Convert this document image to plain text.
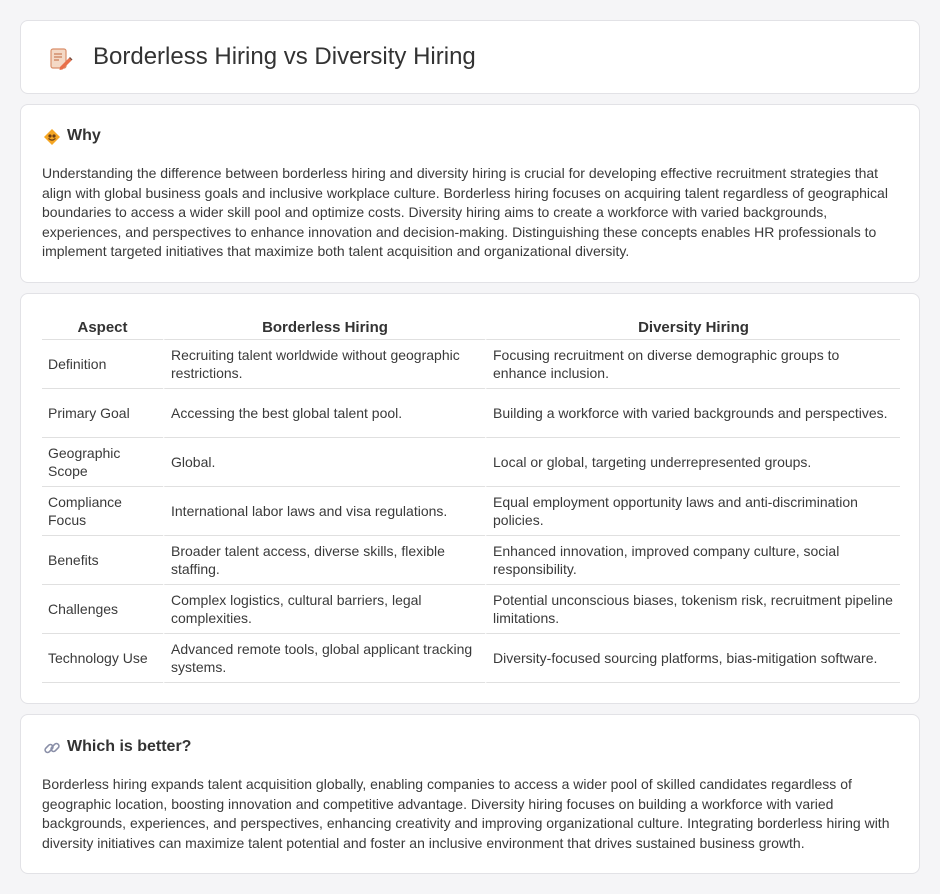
Borderless Hiring vs Diversity Hiring
Why

Understanding the difference between borderless hiring and diversity hiring is crucial for developing effective recruitment strategies that align with global business goals and inclusive workplace culture. Borderless hiring focuses on acquiring talent regardless of geographical boundaries to access a wider skill pool and optimize costs. Diversity hiring aims to create a workforce with varied backgrounds, experiences, and perspectives to enhance innovation and decision-making. Distinguishing these concepts enables HR professionals to implement targeted initiatives that maximize both talent acquisition and organizational diversity.

Aspect	Borderless Hiring	Diversity Hiring
Definition	Recruiting talent worldwide without geographic restrictions.	Focusing recruitment on diverse demographic groups to enhance inclusion.
Primary Goal	Accessing the best global talent pool.	Building a workforce with varied backgrounds and perspectives.
Geographic Scope	Global.	Local or global, targeting underrepresented groups.
Compliance Focus	International labor laws and visa regulations.	Equal employment opportunity laws and anti-discrimination policies.
Benefits	Broader talent access, diverse skills, flexible staffing.	Enhanced innovation, improved company culture, social responsibility.
Challenges	Complex logistics, cultural barriers, legal complexities.	Potential unconscious biases, tokenism risk, recruitment pipeline limitations.
Technology Use	Advanced remote tools, global applicant tracking systems.	Diversity-focused sourcing platforms, bias-mitigation software.
Which is better?

Borderless hiring expands talent acquisition globally, enabling companies to access a wider pool of skilled candidates regardless of geographic location, boosting innovation and competitive advantage. Diversity hiring focuses on building a workforce with varied backgrounds, experiences, and perspectives, enhancing creativity and improving organizational culture. Integrating borderless hiring with diversity initiatives can maximize talent potential and foster an inclusive environment that drives sustained business growth.
